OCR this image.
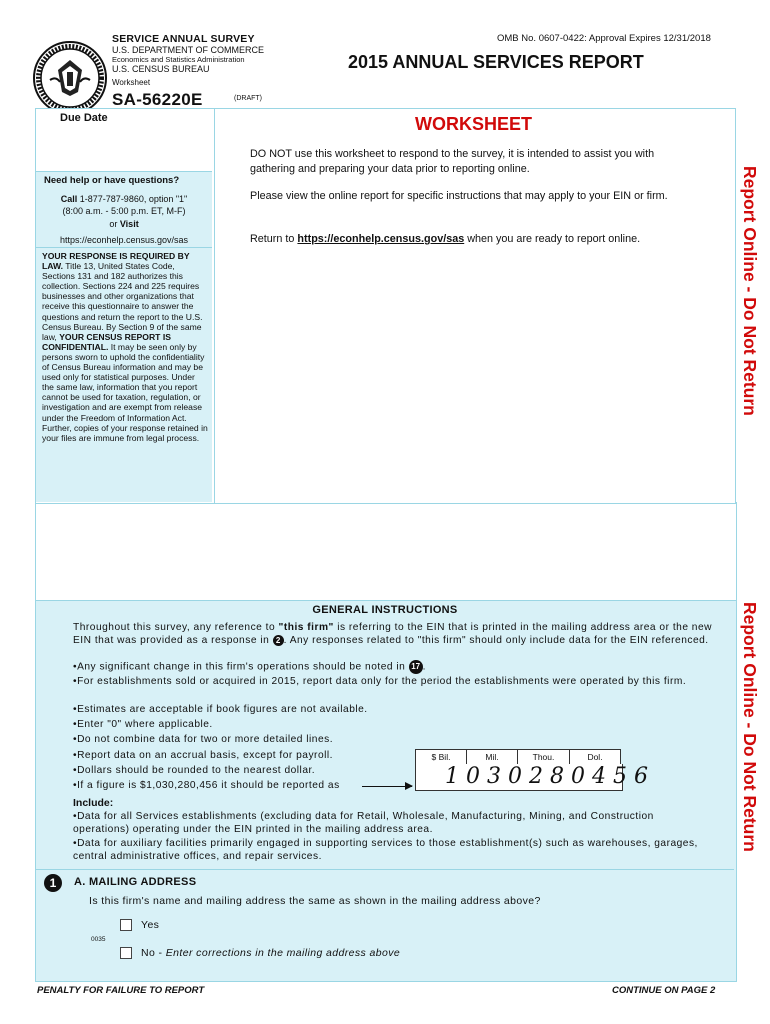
SERVICE ANNUAL SURVEY
U.S. DEPARTMENT OF COMMERCE
Economics and Statistics Administration
U.S. CENSUS BUREAU
Worksheet
SA-56220E	(DRAFT)
OMB No. 0607-0422: Approval Expires 12/31/2018
2015 ANNUAL SERVICES REPORT
Due Date
Need help or have questions?
Call 1-877-787-9860, option "1"
(8:00 a.m. - 5:00 p.m. ET, M-F)
or Visit
https://econhelp.census.gov/sas
YOUR RESPONSE IS REQUIRED BY LAW. Title 13, United States Code, Sections 131 and 182 authorizes this collection. Sections 224 and 225 requires businesses and other organizations that receive this questionnaire to answer the questions and return the report to the U.S. Census Bureau. By Section 9 of the same law, YOUR CENSUS REPORT IS CONFIDENTIAL. It may be seen only by persons sworn to uphold the confidentiality of Census Bureau information and may be used only for statistical purposes. Under the same law, information that you report cannot be used for taxation, regulation, or investigation and are exempt from release under the Freedom of Information Act. Further, copies of your response retained in your files are immune from legal process.
WORKSHEET
DO NOT use this worksheet to respond to the survey, it is intended to assist you with gathering and preparing your data prior to reporting online.
Please view the online report for specific instructions that may apply to your EIN or firm.
Return to https://econhelp.census.gov/sas when you are ready to report online.	Report Online - Do Not Return
Report Online - Do Not Return
GENERAL INSTRUCTIONS
Throughout this survey, any reference to "this firm" is referring to the EIN that is printed in the mailing address area or the new EIN that was provided as a response in 2 . Any responses related to "this firm" should only include data for the EIN referenced.
•Any significant change in this firm's operations should be noted in 17 .
•For establishments sold or acquired in 2015, report data only for the period the establishments were operated by this firm.
•Estimates are acceptable if book figures are not available.
•Enter "0" where applicable.
•Do not combine data for two or more detailed lines.
•Report data on an accrual basis, except for payroll.
•Dollars should be rounded to the nearest dollar.
•If a figure is $1,030,280,456 it should be reported as
$ Bil.	Mil.	Thou.	Dol.
1030280456
Include:
•Data for all Services establishments (excluding data for Retail, Wholesale, Manufacturing, Mining, and Construction operations) operating under the EIN printed in the mailing address area.
•Data for auxiliary facilities primarily engaged in supporting services to those establishment(s) such as warehouses, garages, central administrative offices, and repair services.
1	A. MAILING ADDRESS
Is this firm's name and mailing address the same as shown in the mailing address above?
Yes
0035
No - Enter corrections in the mailing address above
PENALTY FOR FAILURE TO REPORT	CONTINUE ON PAGE 2
